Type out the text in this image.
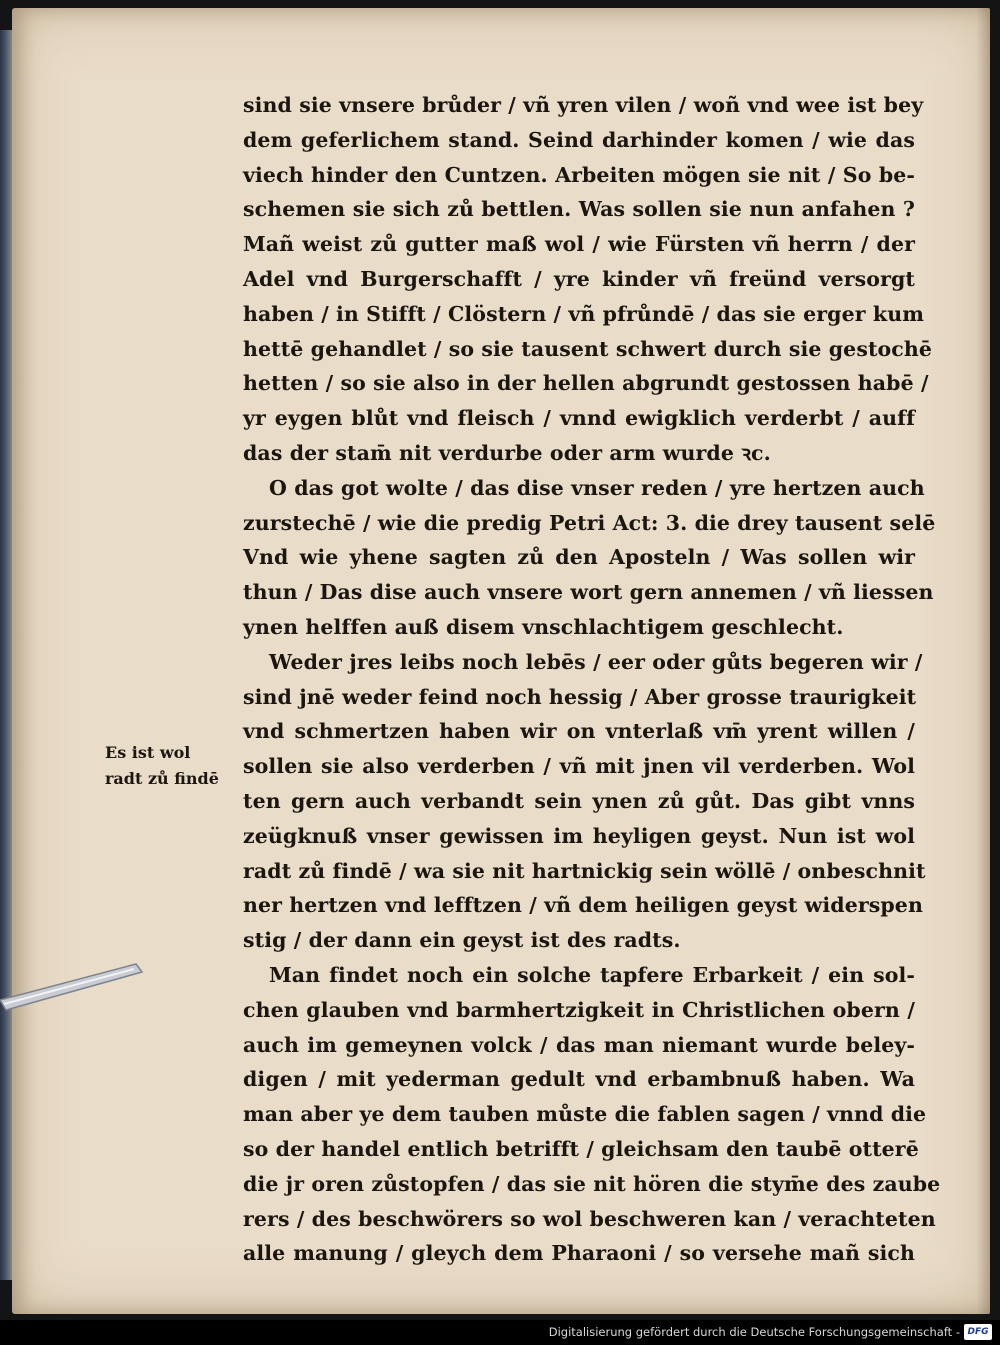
Es ist wol
radt zů findē
sind sie vnsere brůder / vñ yren vilen / woñ vnd wee ist bey
dem geferlichem stand. Seind darhinder komen / wie das
viech hinder den Cuntzen. Arbeiten mögen sie nit / So be-
schemen sie sich zů bettlen. Was sollen sie nun anfahen ?
Mañ weist zů gutter maß wol / wie Fürsten vñ herrn / der
Adel vnd Burgerschafft / yre kinder vñ freünd versorgt
haben / in Stifft / Clöstern / vñ pfrůndē / das sie erger kum
hettē gehandlet / so sie tausent schwert durch sie gestochē
hetten / so sie also in der hellen abgrundt gestossen habē /
yr eygen blůt vnd fleisch / vnnd ewigklich verderbt / auff
das der stam̄ nit verdurbe oder arm wurde ꝛc.
O das got wolte / das dise vnser reden / yre hertzen auch
zurstechē / wie die predig Petri Act: 3. die drey tausent selē
Vnd wie yhene sagten zů den Aposteln / Was sollen wir
thun / Das dise auch vnsere wort gern annemen / vñ liessen
ynen helffen auß disem vnschlachtigem geschlecht.
Weder jres leibs noch lebēs / eer oder gůts begeren wir /
sind jnē weder feind noch hessig / Aber grosse traurigkeit
vnd schmertzen haben wir on vnterlaß vm̄ yrent willen /
sollen sie also verderben / vñ mit jnen vil verderben. Wol
ten gern auch verbandt sein ynen zů gůt. Das gibt vnns
zeügknuß vnser gewissen im heyligen geyst. Nun ist wol
radt zů findē / wa sie nit hartnickig sein wöllē / onbeschnit
ner hertzen vnd lefftzen / vñ dem heiligen geyst widerspen
stig / der dann ein geyst ist des radts.
Man findet noch ein solche tapfere Erbarkeit / ein sol-
chen glauben vnd barmhertzigkeit in Christlichen obern /
auch im gemeynen volck / das man niemant wurde beley-
digen / mit yederman gedult vnd erbambnuß haben. Wa
man aber ye dem tauben můste die fablen sagen / vnnd die
so der handel entlich betrifft / gleichsam den taubē otterē
die jr oren zůstopfen / das sie nit hören die stym̄e des zaube
rers / des beschwörers so wol beschweren kan / verachteten
alle manung / gleych dem Pharaoni / so versehe mañ sich
Digitalisierung gefördert durch die Deutsche Forschungsgemeinschaft - DFG
